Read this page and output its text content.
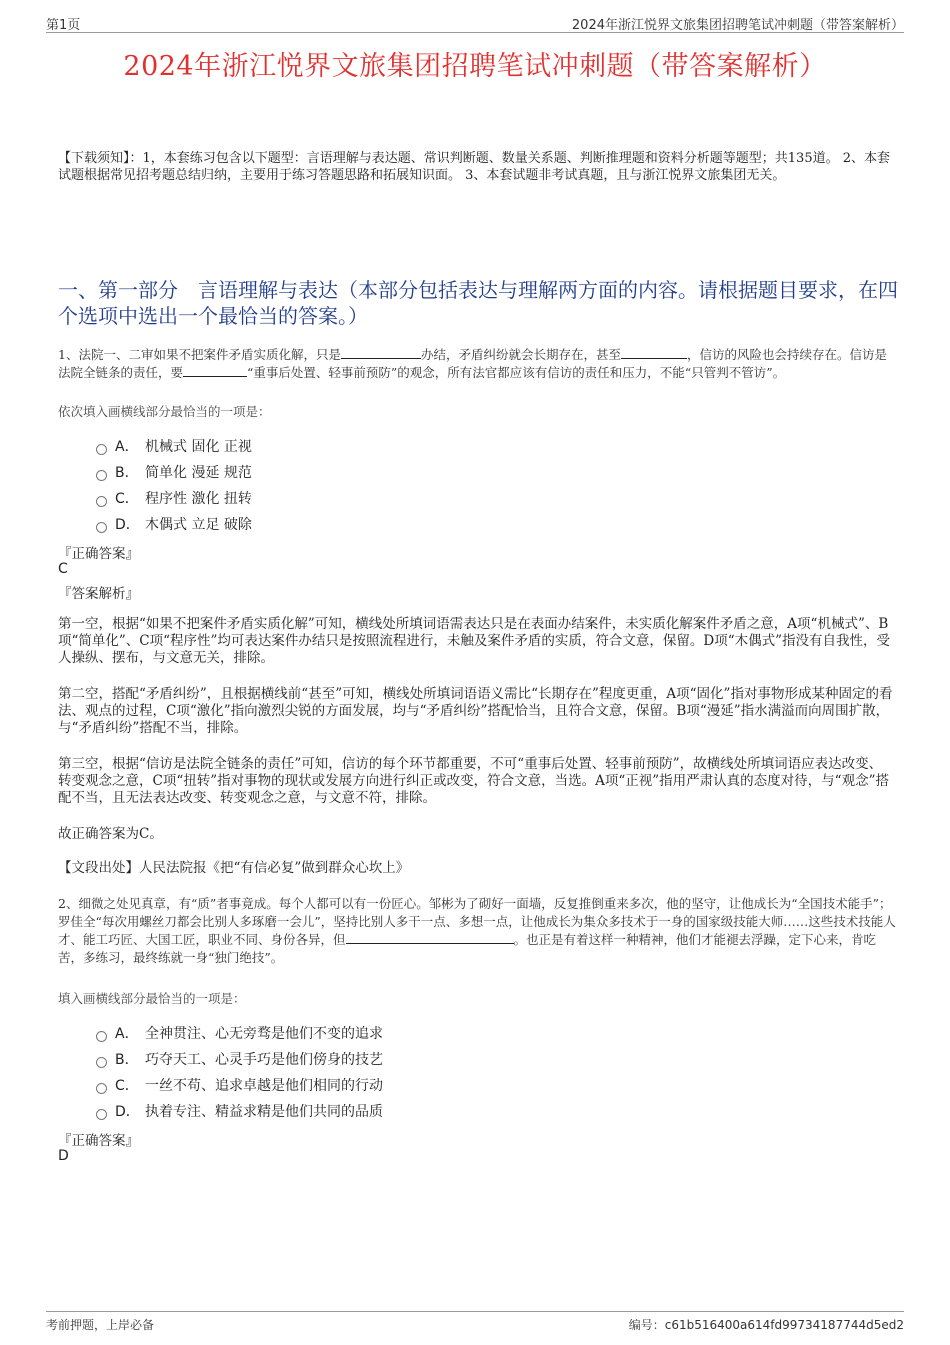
第1页	2024年浙江悦界文旅集团招聘笔试冲刺题（带答案解析）
2024年浙江悦界文旅集团招聘笔试冲刺题（带答案解析）
【下载须知】：1，本套练习包含以下题型：言语理解与表达题、常识判断题、数量关系题、判断推理题和资料分析题等题型；共135道。 2、本套试题根据常见招考题总结归纳，主要用于练习答题思路和拓展知识面。 3、本套试题非考试真题，且与浙江悦界文旅集团无关。
一、第一部分　言语理解与表达（本部分包括表达与理解两方面的内容。请根据题目要求，在四个选项中选出一个最恰当的答案。）
1、法院一、二审如果不把案件矛盾实质化解，只是	办结，矛盾纠纷就会长期存在，甚至	，信访的风险也会持续存在。信访是法院全链条的责任，要	“重事后处置、轻事前预防”的观念，所有法官都应该有信访的责任和压力，不能“只管判不管访”。
依次填入画横线部分最恰当的一项是：
A． 机械式 固化 正视
B． 简单化 漫延 规范
C． 程序性 激化 扭转
D． 木偶式 立足 破除
『正确答案』
C
『答案解析』
第一空，根据“如果不把案件矛盾实质化解”可知，横线处所填词语需表达只是在表面办结案件，未实质化解案件矛盾之意，A项“机械式”、B项“简单化”、C项“程序性”均可表达案件办结只是按照流程进行，未触及案件矛盾的实质，符合文意，保留。D项“木偶式”指没有自我性，受人操纵、摆布，与文意无关，排除。
第二空，搭配“矛盾纠纷”，且根据横线前“甚至”可知，横线处所填词语语义需比“长期存在”程度更重，A项“固化”指对事物形成某种固定的看法、观点的过程，C项“激化”指向激烈尖锐的方面发展，均与“矛盾纠纷”搭配恰当，且符合文意，保留。B项“漫延”指水满溢而向周围扩散，与“矛盾纠纷”搭配不当，排除。
第三空，根据“信访是法院全链条的责任”可知，信访的每个环节都重要，不可“重事后处置、轻事前预防”，故横线处所填词语应表达改变、转变观念之意，C项“扭转”指对事物的现状或发展方向进行纠正或改变，符合文意，当选。A项“正视”指用严肃认真的态度对待，与“观念”搭配不当，且无法表达改变、转变观念之意，与文意不符，排除。
故正确答案为C。
【文段出处】人民法院报《把“有信必复”做到群众心坎上》
2、细微之处见真章，有“质”者事竟成。每个人都可以有一份匠心。邹彬为了砌好一面墙，反复推倒重来多次，他的坚守，让他成长为“全国技术能手”；罗佳全“每次用螺丝刀都会比别人多琢磨一会儿”，坚持比别人多干一点、多想一点，让他成长为集众多技术于一身的国家级技能大师……这些技术技能人才、能工巧匠、大国工匠，职业不同、身份各异，但	。也正是有着这样一种精神，他们才能褪去浮躁，定下心来，肯吃苦，多练习，最终练就一身“独门绝技”。
填入画横线部分最恰当的一项是：
A． 全神贯注、心无旁骛是他们不变的追求
B． 巧夺天工、心灵手巧是他们傍身的技艺
C． 一丝不苟、追求卓越是他们相同的行动
D． 执着专注、精益求精是他们共同的品质
『正确答案』
D
考前押题，上岸必备	编号：c61b516400a614fd99734187744d5ed2
